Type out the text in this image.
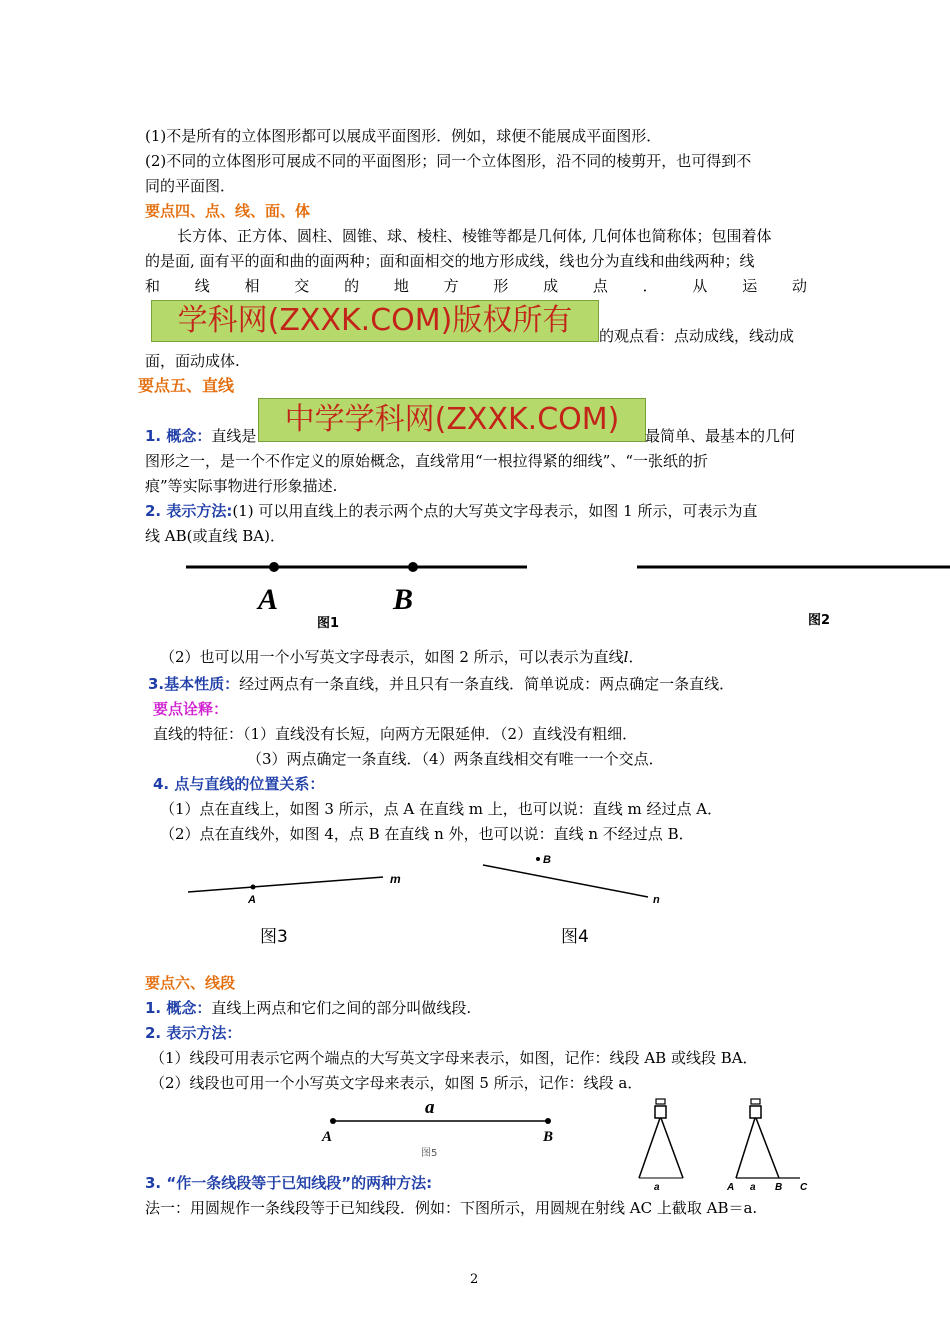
(1)不是所有的立体图形都可以展成平面图形．例如，球便不能展成平面图形．
(2)不同的立体图形可展成不同的平面图形；同一个立体图形，沿不同的棱剪开，也可得到不
同的平面图．
要点四、点、线、面、体
长方体、正方体、圆柱、圆锥、球、棱柱、棱锥等都是几何体, 几何体也简称体；包围着体
的是面, 面有平的面和曲的面两种；面和面相交的地方形成线，线也分为直线和曲线两种；线
和 线 相 交 的 地 方 形 成 点 ． 从 运 动
学科网(ZXXK.COM)版权所有	的观点看：点动成线，线动成
面，面动成体.
要点五、直线
中学学科网(ZXXK.COM)
1. 概念：直线是	最简单、最基本的几何
图形之一，是一个不作定义的原始概念，直线常用“一根拉得紧的细线”、“一张纸的折
痕”等实际事物进行形象描述.
2. 表示方法:(1) 可以用直线上的表示两个点的大写英文字母表示，如图 1 所示，可表示为直
线 AB(或直线 BA)．
A	B
图1	图2
（2）也可以用一个小写英文字母表示，如图 2 所示，可以表示为直线l．
3.基本性质：经过两点有一条直线，并且只有一条直线．简单说成：两点确定一条直线．
要点诠释：
直线的特征：（1）直线没有长短，向两方无限延伸．（2）直线没有粗细．
（3）两点确定一条直线．（4）两条直线相交有唯一一个交点．
4. 点与直线的位置关系：
（1）点在直线上，如图 3 所示，点 A 在直线 m 上，也可以说：直线 m 经过点 A．
（2）点在直线外，如图 4，点 B 在直线 n 外，也可以说：直线 n 不经过点 B．
A
m
图3
B
n
图4
要点六、线段
1. 概念：直线上两点和它们之间的部分叫做线段.
2. 表示方法：
（1）线段可用表示它两个端点的大写英文字母来表示，如图，记作：线段 AB 或线段 BA．
（2）线段也可用一个小写英文字母来表示，如图 5 所示，记作：线段 a．
a
A	B
图5
a	A a B C
3. “作一条线段等于已知线段”的两种方法:
法一：用圆规作一条线段等于已知线段．例如：下图所示，用圆规在射线 AC 上截取 AB＝a.
2
